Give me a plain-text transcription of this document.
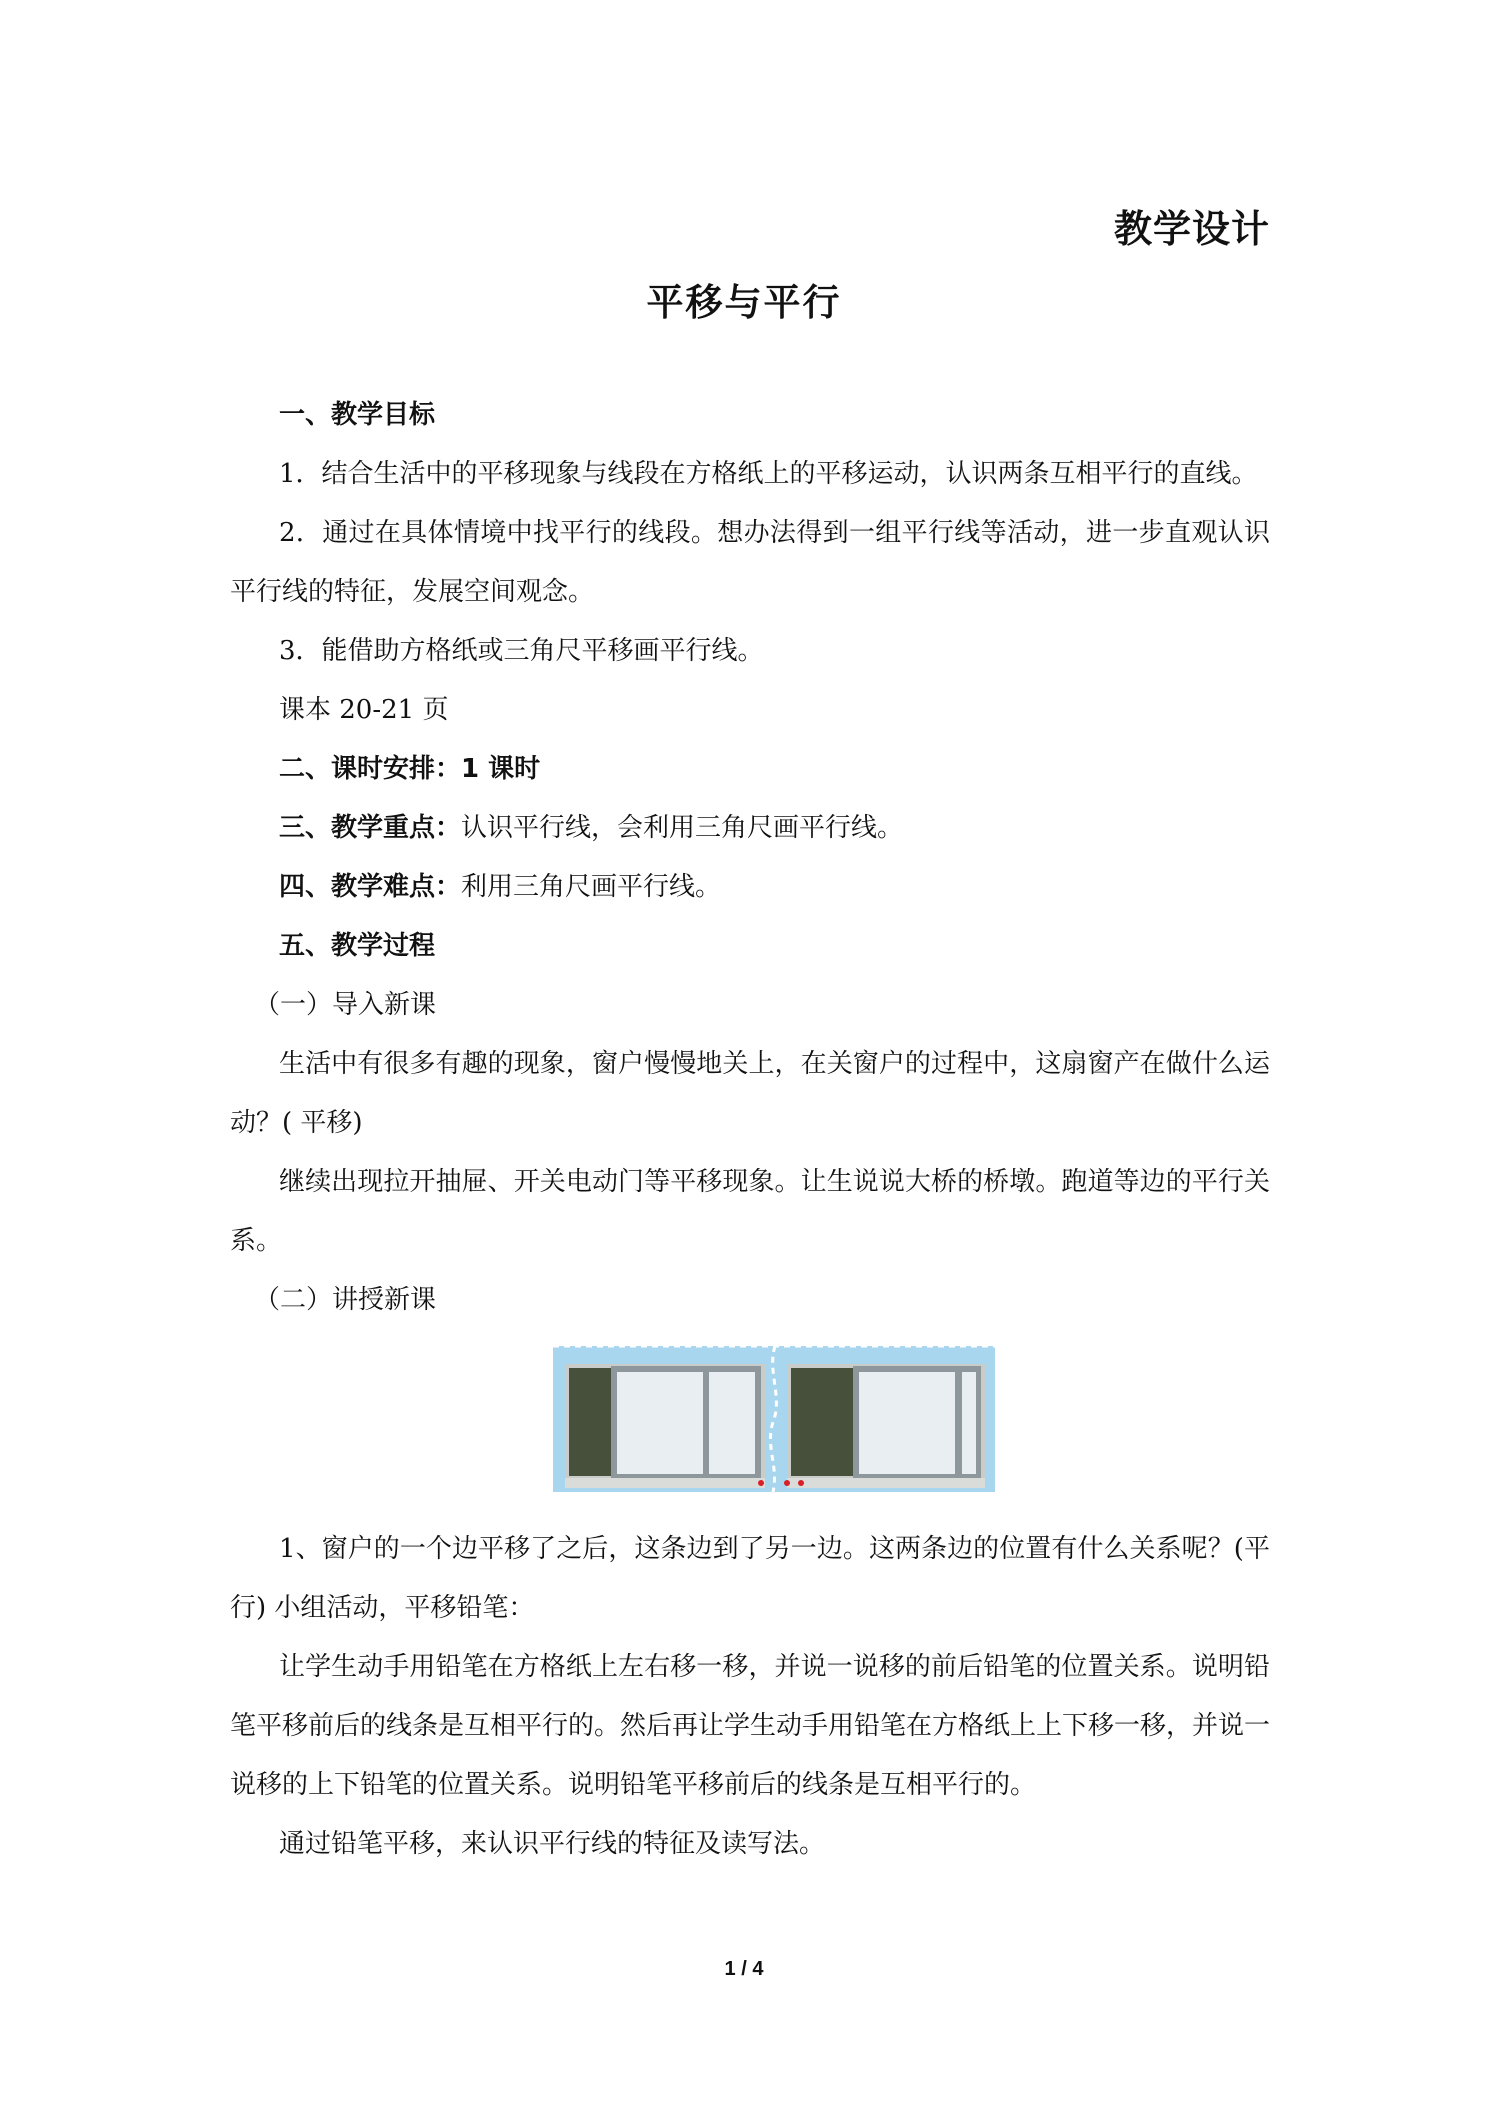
教学设计
平移与平行

一、教学目标

1．结合生活中的平移现象与线段在方格纸上的平移运动，认识两条互相平行的直线。

2．通过在具体情境中找平行的线段。想办法得到一组平行线等活动，进一步直观认识平行线的特征，发展空间观念。

3．能借助方格纸或三角尺平移画平行线。

课本 20-21 页

二、课时安排：1 课时

三、教学重点：认识平行线，会利用三角尺画平行线。

四、教学难点：利用三角尺画平行线。

五、教学过程

（一）导入新课

生活中有很多有趣的现象，窗户慢慢地关上，在关窗户的过程中，这扇窗产在做什么运动？( 平移)

继续出现拉开抽屉、开关电动门等平移现象。让生说说大桥的桥墩。跑道等边的平行关系。

（二）讲授新课

1、窗户的一个边平移了之后，这条边到了另一边。这两条边的位置有什么关系呢？(平行) 小组活动，平移铅笔：

让学生动手用铅笔在方格纸上左右移一移，并说一说移的前后铅笔的位置关系。说明铅笔平移前后的线条是互相平行的。然后再让学生动手用铅笔在方格纸上上下移一移，并说一说移的上下铅笔的位置关系。说明铅笔平移前后的线条是互相平行的。

通过铅笔平移，来认识平行线的特征及读写法。

1 / 4
